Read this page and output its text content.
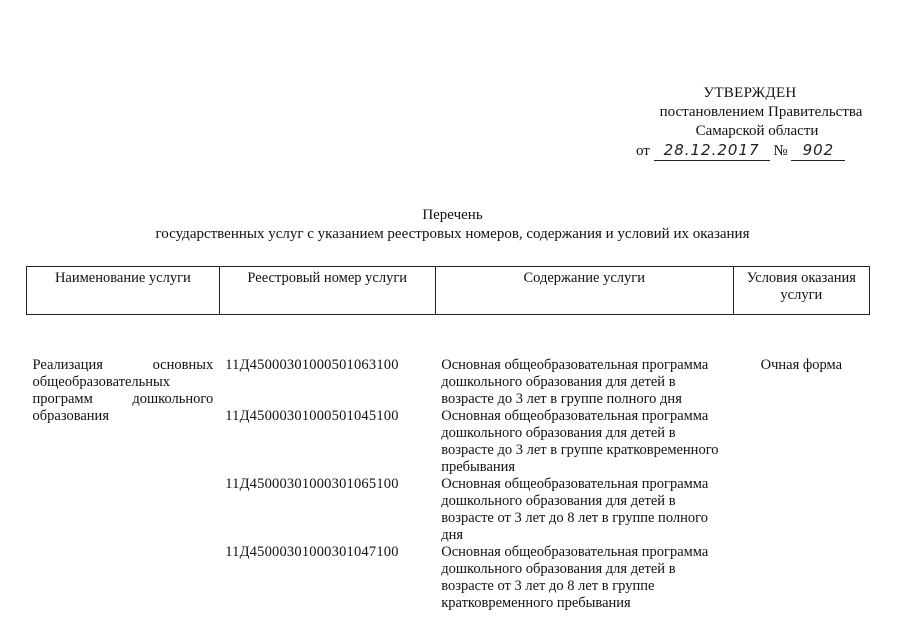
УТВЕРЖДЕН
постановлением Правительства
Самарской области
от 28.12.2017 № 902
Перечень
государственных услуг с указанием реестровых номеров, содержания и условий их оказания
Наименование услуги	Реестровый номер услуги	Содержание услуги	Условия оказания услуги

Реализация основных общеобразовательных программ дошкольного образования	11Д45000301000501063100	Основная общеобразовательная программа дошкольного образования для детей в возрасте до 3 лет в группе полного дня	Очная форма
	11Д45000301000501045100	Основная общеобразовательная программа дошкольного образования для детей в возрасте до 3 лет в группе кратковременного пребывания	
	11Д45000301000301065100	Основная общеобразовательная программа дошкольного образования для детей в возрасте от 3 лет до 8 лет в группе полного дня	
	11Д45000301000301047100	Основная общеобразовательная программа дошкольного образования для детей в возрасте от 3 лет до 8 лет в группе кратковременного пребывания	
